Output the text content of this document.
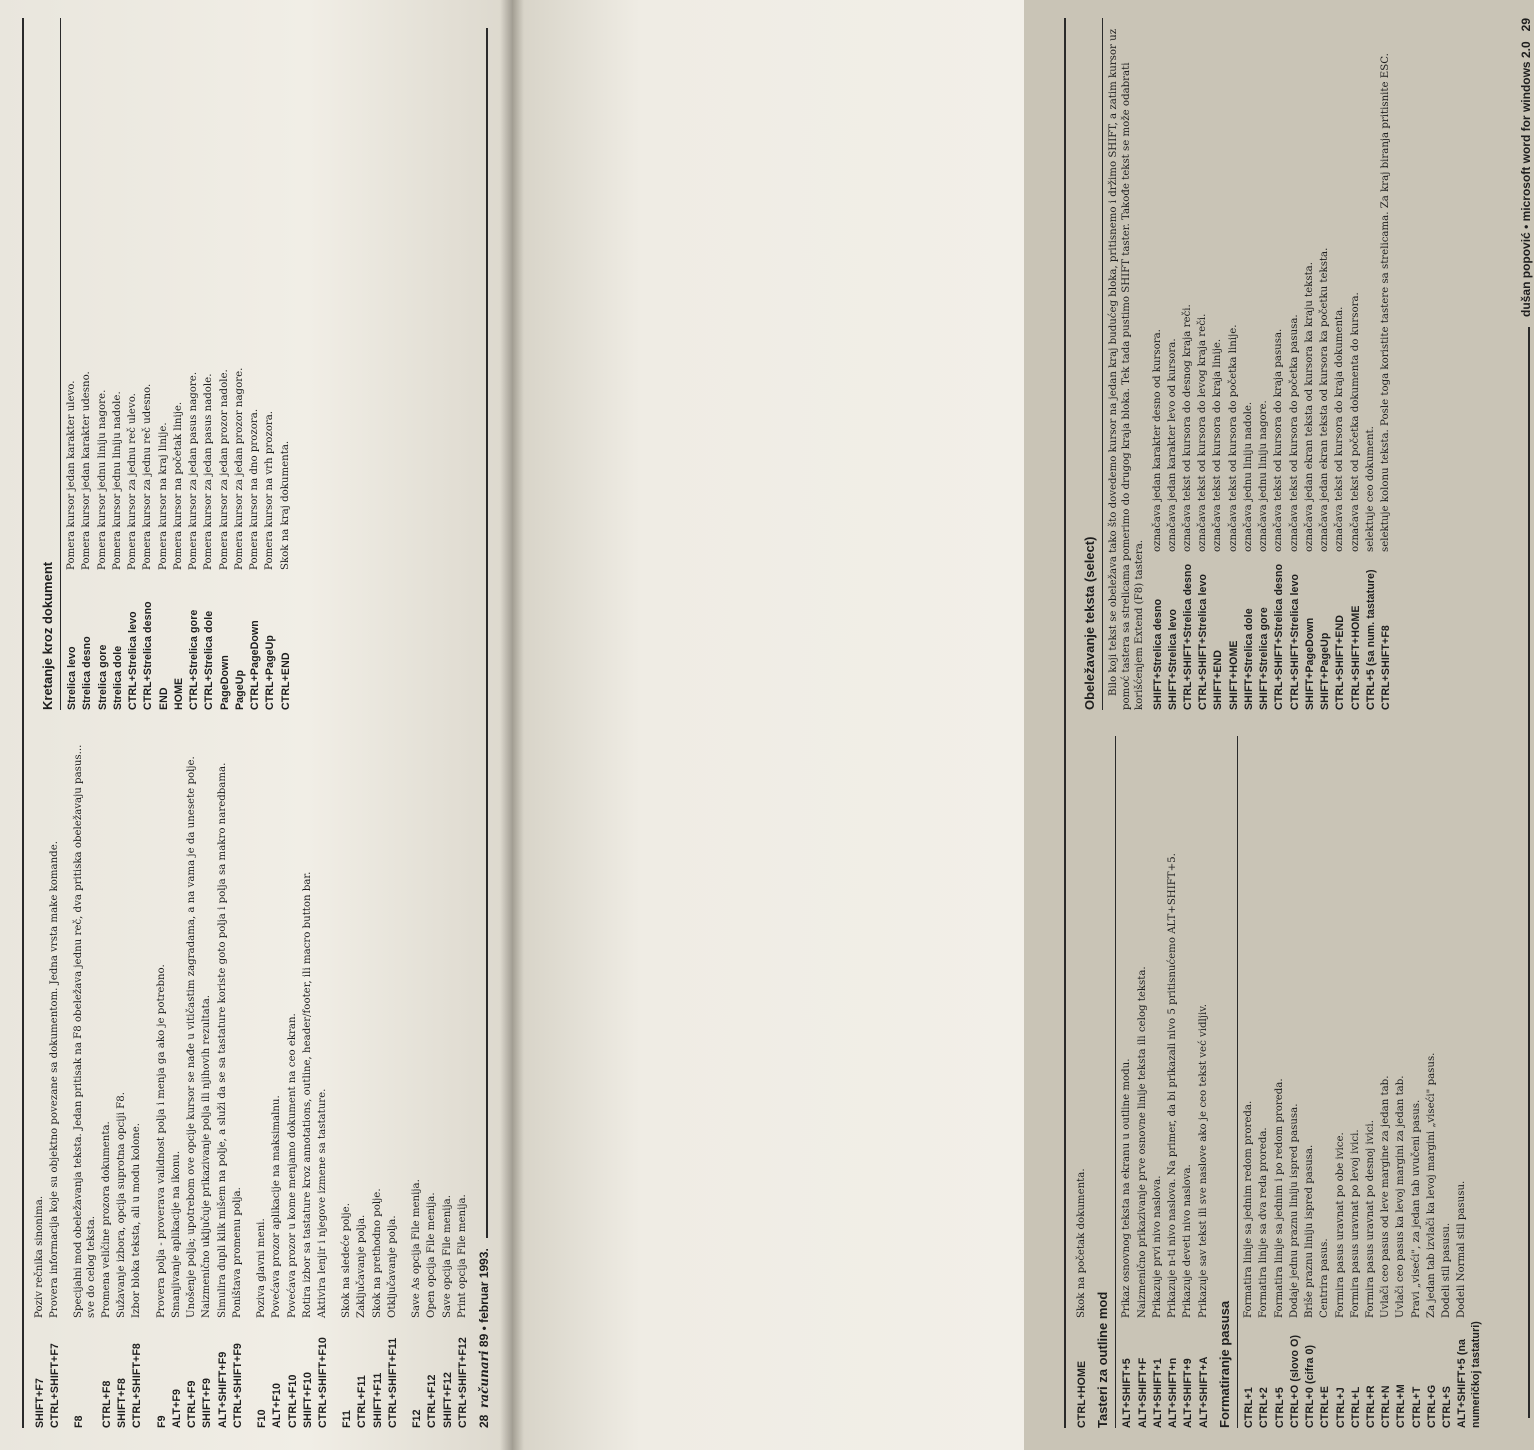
SHIFT+F7
Poziv rečnika sinonima.
CTRL+SHIFT+F7
Provera informacija koje su objektno povezane sa dokumentom. Jedna vrsta make komande.
F8
Specijalni mod obeležavanja teksta. Jedan pritisak na F8 obeležava jednu reč, dva pritiska obeležavaju pasus... sve do celog teksta.
CTRL+F8
Promena veličine prozora dokumenta.
SHIFT+F8
Sužavanje izbora, opcija suprotna opciji F8.
CTRL+SHIFT+F8
Izbor bloka teksta, ali u modu kolone.
F9
Provera polja - proverava validnost polja i menja ga ako je potrebno.
ALT+F9
Smanjivanje aplikacije na ikonu.
CTRL+F9
Unošenje polja; upotrebom ove opcije kursor se nađe u vitičastim zagradama, a na vama je da unesete polje.
SHIFT+F9
Naizmenično uključuje prikazivanje polja ili njihovih rezultata.
ALT+SHIFT+F9
Simulira dupli klik mišem na polje, a služi da se sa tastature koriste goto polja i polja sa makro naredbama.
CTRL+SHIFT+F9
Poništava promenu polja.
F10
Poziva glavni meni.
ALT+F10
Povećava prozor aplikacije na maksimalnu.
CTRL+F10
Povećava prozor u kome menjamo dokument na ceo ekran.
SHIFT+F10
Rotira izbor sa tastature kroz annotations, outline, header/footer, ili macro button bar.
CTRL+SHIFT+F10
Aktivira lenjir i njegove izmene sa tastature.
F11
Skok na sledeće polje.
CTRL+F11
Zaključavanje polja.
SHIFT+F11
Skok na prethodno polje.
CTRL+SHIFT+F11
Otključavanje polja.
F12
Save As opcija File menija.
CTRL+F12
Open opcija File menija.
SHIFT+F12
Save opcija File menija.
CTRL+SHIFT+F12
Print opcija File menija.
Kretanje kroz dokument Strelica levo
Pomera kursor jedan karakter ulevo.
Strelica desno
Pomera kursor jedan karakter udesno.
Strelica gore
Pomera kursor jednu liniju nagore.
Strelica dole
Pomera kursor jednu liniju nadole.
CTRL+Strelica levo
Pomera kursor za jednu reč ulevo.
CTRL+Strelica desno
Pomera kursor za jednu reč udesno.
END
Pomera kursor na kraj linije.
HOME
Pomera kursor na početak linije.
CTRL+Strelica gore
Pomera kursor za jedan pasus nagore.
CTRL+Strelica dole
Pomera kursor za jedan pasus nadole.
PageDown
Pomera kursor za jedan prozor nadole.
PageUp
Pomera kursor za jedan prozor nagore.
CTRL+PageDown
Pomera kursor na dno prozora.
CTRL+PageUp
Pomera kursor na vrh prozora.
CTRL+END
Skok na kraj dokumenta.
28

računari

89 • februar 1993.
CTRL+HOME
Skok na početak dokumenta.
Tasteri za outline mod ALT+SHIFT+5
Prikaz osnovnog teksta na ekranu u outline modu.
ALT+SHIFT+F
Naizmenično prikazivanje prve osnovne linije teksta ili celog teksta.
ALT+SHIFT+1
Prikazuje prvi nivo naslova.
ALT+SHIFT+n
Prikazuje n-ti nivo naslova. Na primer, da bi prikazali nivo 5 pritisnućemo ALT+SHIFT+5.
ALT+SHIFT+9
Prikazuje deveti nivo naslova.
ALT+SHIFT+A
Prikazuje sav tekst ili sve naslove ako je ceo tekst već vidljiv.
Formatiranje pasusa CTRL+1
Formatira linije sa jednim redom proreda.
CTRL+2
Formatira linije sa dva reda proreda.
CTRL+5
Formatira linije sa jednim i po redom proreda.
CTRL+O (slovo O)
Dodaje jednu praznu liniju ispred pasusa.
CTRL+0 (cifra 0)
Briše praznu liniju ispred pasusa.
CTRL+E
Centrira pasus.
CTRL+J
Formira pasus uravnat po obe ivice.
CTRL+L
Formira pasus uravnat po levoj ivici.
CTRL+R
Formira pasus uravnat po desnoj ivici.
CTRL+N
Uvlači ceo pasus od leve margine za jedan tab.
CTRL+M
Uvlači ceo pasus ka levoj margini za jedan tab.
CTRL+T
Pravi „viseći", za jedan tab uvučeni pasus.
CTRL+G
Za jedan tab izvlači ka levoj margini „viseći" pasus.
CTRL+S
Dodeli stil pasusu.
ALT+SHIFT+5 (na numeričkoj tastaturi)
Dodeli Normal stil pasusu.
Obeležavanje teksta (select) Bilo koji tekst se obeležava tako što dovedemo kursor na jedan kraj budućeg bloka, pritisnemo i držimo SHIFT, a zatim kursor uz pomoć tastera sa strelicama pomerimo do drugog kraja bloka. Tek tada pustimo SHIFT taster. Takođe tekst se može odabrati korišćenjem Extend (F8) tastera. SHIFT+Strelica desno
označava jedan karakter desno od kursora.
SHIFT+Strelica levo
označava jedan karakter levo od kursora.
CTRL+SHIFT+Strelica desno
označava tekst od kursora do desnog kraja reči.
CTRL+SHIFT+Strelica levo
označava tekst od kursora do levog kraja reči.
SHIFT+END
označava tekst od kursora do kraja linije.
SHIFT+HOME
označava tekst od kursora do početka linije.
SHIFT+Strelica dole
označava jednu liniju nadole.
SHIFT+Strelica gore
označava jednu liniju nagore.
CTRL+SHIFT+Strelica desno
označava tekst od kursora do kraja pasusa.
CTRL+SHIFT+Strelica levo
označava tekst od kursora do početka pasusa.
SHIFT+PageDown
označava jedan ekran teksta od kursora ka kraju teksta.
SHIFT+PageUp
označava jedan ekran teksta od kursora ka početku teksta.
CTRL+SHIFT+END
označava tekst od kursora do kraja dokumenta.
CTRL+SHIFT+HOME
označava tekst od početka dokumenta do kursora.
CTRL+5 (sa num. tastature)
selektuje ceo dokument.
CTRL+SHIFT+F8
selektuje kolonu teksta. Posle toga koristite tastere sa strelicama. Za kraj biranja pritisnite ESC.	dušan popović • microsoft word for windows 2.0

29
